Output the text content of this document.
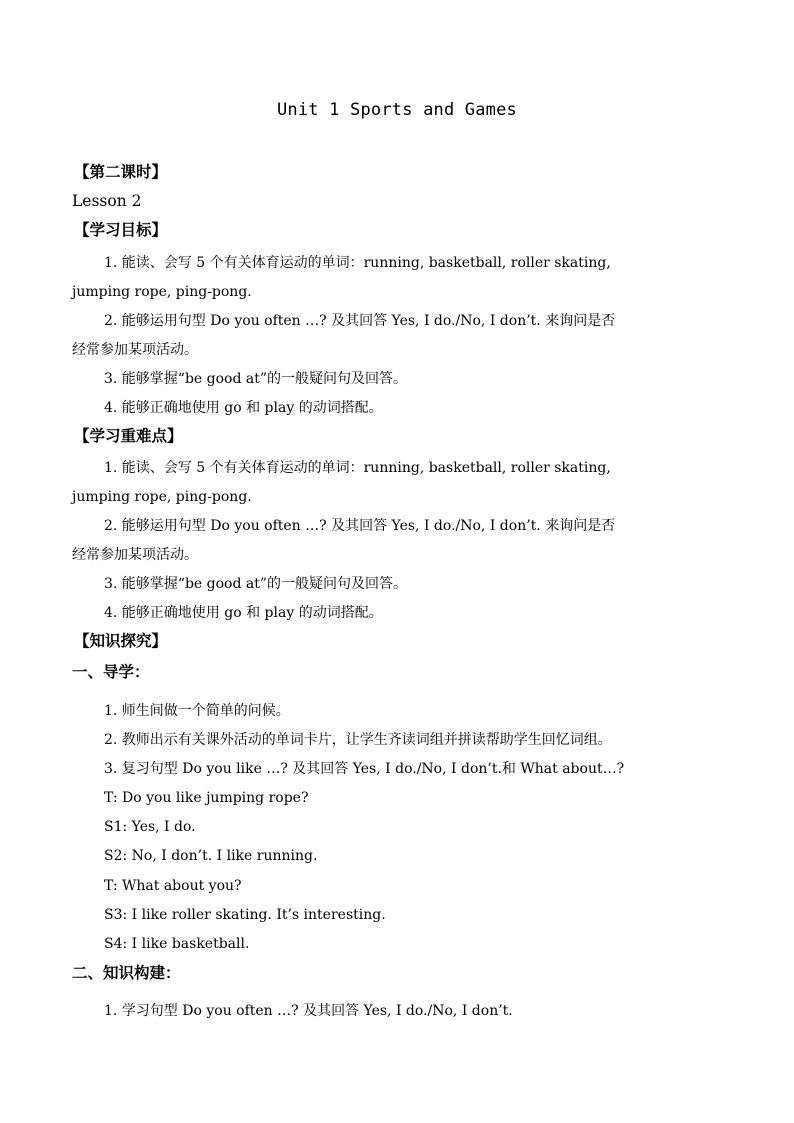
Unit 1 Sports and Games
【第二课时】
Lesson 2
【学习目标】
1. 能读、会写 5 个有关体育运动的单词：running, basketball, roller skating,
jumping rope, ping-pong.
2. 能够运用句型 Do you often …? 及其回答 Yes, I do./No, I don’t. 来询问是否
经常参加某项活动。
3. 能够掌握“be good at”的一般疑问句及回答。
4. 能够正确地使用 go 和 play 的动词搭配。
【学习重难点】
1. 能读、会写 5 个有关体育运动的单词：running, basketball, roller skating,
jumping rope, ping-pong.
2. 能够运用句型 Do you often …? 及其回答 Yes, I do./No, I don’t. 来询问是否
经常参加某项活动。
3. 能够掌握“be good at”的一般疑问句及回答。
4. 能够正确地使用 go 和 play 的动词搭配。
【知识探究】
一、导学：
1. 师生间做一个简单的问候。
2. 教师出示有关课外活动的单词卡片，让学生齐读词组并拼读帮助学生回忆词组。
3. 复习句型 Do you like …? 及其回答 Yes, I do./No, I don’t.和 What about…?
T: Do you like jumping rope?
S1: Yes, I do.
S2: No, I don’t. I like running.
T: What about you?
S3: I like roller skating. It’s interesting.
S4: I like basketball.
二、知识构建：
1. 学习句型 Do you often …? 及其回答 Yes, I do./No, I don’t.
